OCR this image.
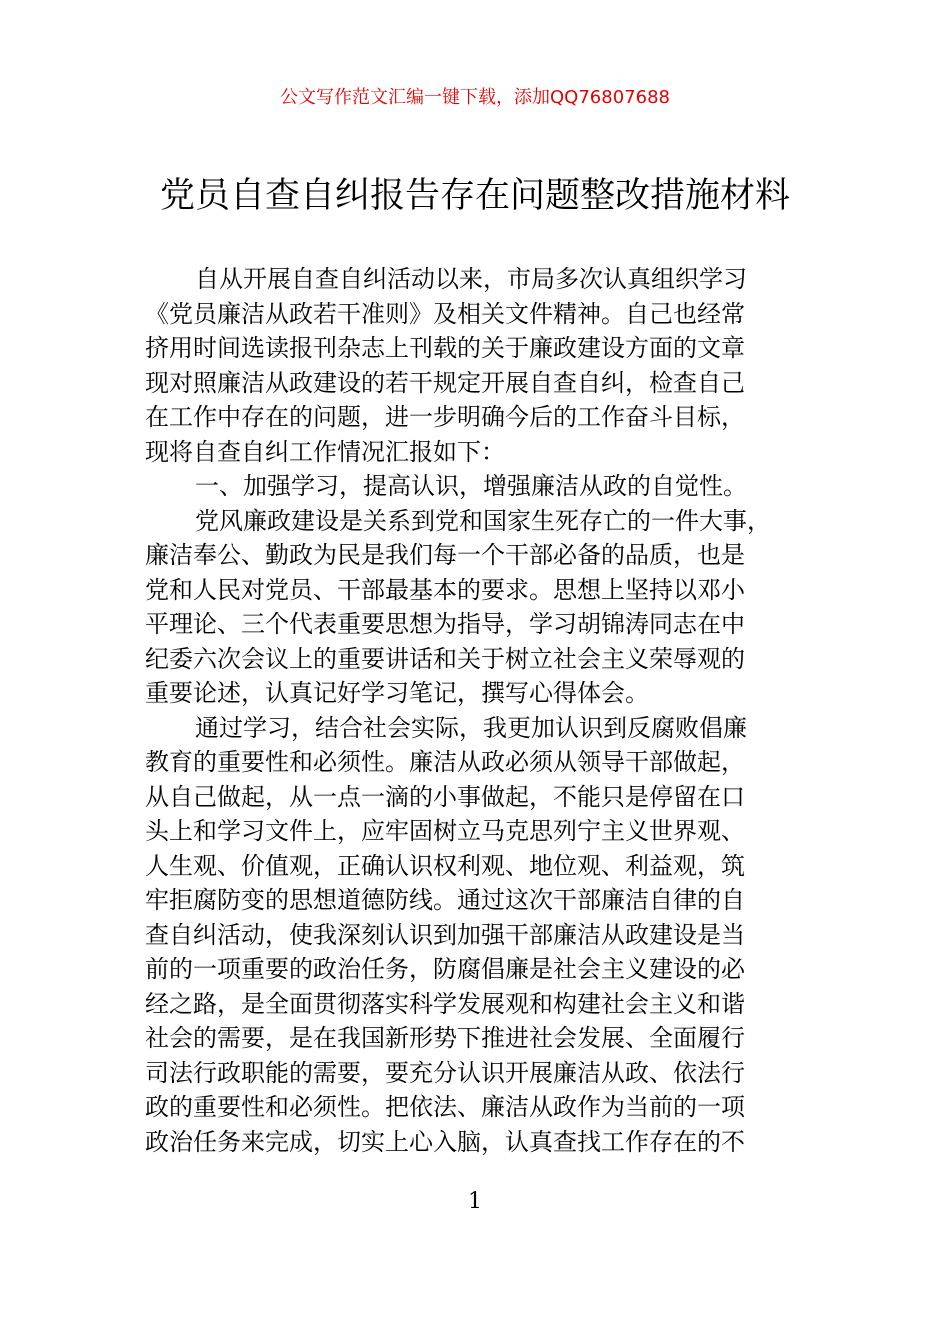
公文写作范文汇编一键下载，添加QQ76807688
党员自查自纠报告存在问题整改措施材料
自从开展自查自纠活动以来，市局多次认真组织学习
《党员廉洁从政若干准则》及相关文件精神。自己也经常
挤用时间选读报刊杂志上刊载的关于廉政建设方面的文章
现对照廉洁从政建设的若干规定开展自查自纠，检查自己
在工作中存在的问题，进一步明确今后的工作奋斗目标，
现将自查自纠工作情况汇报如下：
一、加强学习，提高认识，增强廉洁从政的自觉性。
党风廉政建设是关系到党和国家生死存亡的一件大事，
廉洁奉公、勤政为民是我们每一个干部必备的品质，也是
党和人民对党员、干部最基本的要求。思想上坚持以邓小
平理论、三个代表重要思想为指导，学习胡锦涛同志在中
纪委六次会议上的重要讲话和关于树立社会主义荣辱观的
重要论述，认真记好学习笔记，撰写心得体会。
通过学习，结合社会实际，我更加认识到反腐败倡廉
教育的重要性和必须性。廉洁从政必须从领导干部做起，
从自己做起，从一点一滴的小事做起，不能只是停留在口
头上和学习文件上，应牢固树立马克思列宁主义世界观、
人生观、价值观，正确认识权利观、地位观、利益观，筑
牢拒腐防变的思想道德防线。通过这次干部廉洁自律的自
查自纠活动，使我深刻认识到加强干部廉洁从政建设是当
前的一项重要的政治任务，防腐倡廉是社会主义建设的必
经之路，是全面贯彻落实科学发展观和构建社会主义和谐
社会的需要，是在我国新形势下推进社会发展、全面履行
司法行政职能的需要，要充分认识开展廉洁从政、依法行
政的重要性和必须性。把依法、廉洁从政作为当前的一项
政治任务来完成，切实上心入脑，认真查找工作存在的不
1
